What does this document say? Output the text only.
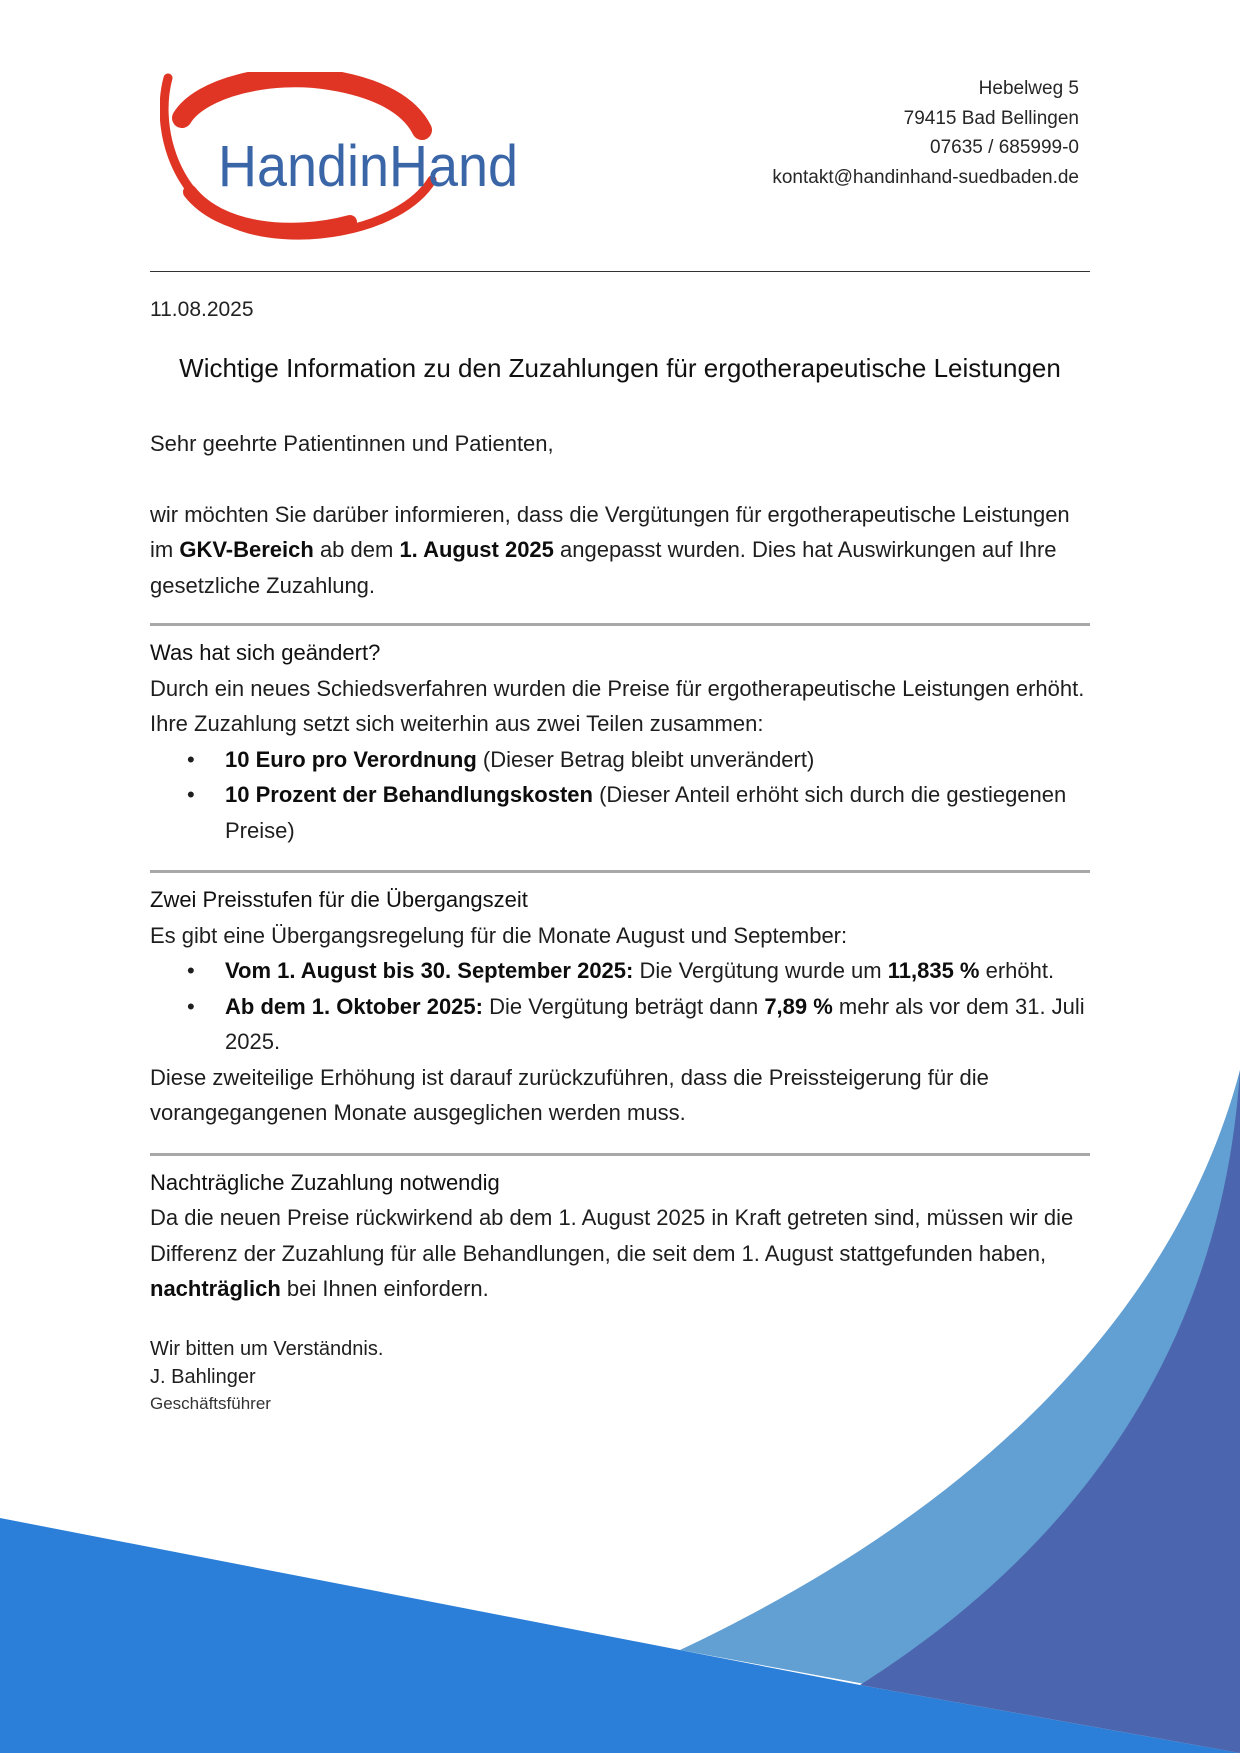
HandinHand
Hebelweg 5
79415 Bad Bellingen
07635 / 685999-0
kontakt@handinhand-suedbaden.de
11.08.2025
Wichtige Information zu den Zuzahlungen für ergotherapeutische Leistungen

Sehr geehrte Patientinnen und Patienten,

wir möchten Sie darüber informieren, dass die Vergütungen für ergotherapeutische Leistungen im GKV-Bereich ab dem 1. August 2025 angepasst wurden. Dies hat Auswirkungen auf Ihre gesetzliche Zuzahlung.

Was hat sich geändert?

Durch ein neues Schiedsverfahren wurden die Preise für ergotherapeutische Leistungen erhöht. Ihre Zuzahlung setzt sich weiterhin aus zwei Teilen zusammen:

• 10 Euro pro Verordnung (Dieser Betrag bleibt unverändert)
• 10 Prozent der Behandlungskosten (Dieser Anteil erhöht sich durch die gestiegenen Preise)

Zwei Preisstufen für die Übergangszeit

Es gibt eine Übergangsregelung für die Monate August und September:

• Vom 1. August bis 30. September 2025: Die Vergütung wurde um 11,835 % erhöht.
• Ab dem 1. Oktober 2025: Die Vergütung beträgt dann 7,89 % mehr als vor dem 31. Juli 2025.

Diese zweiteilige Erhöhung ist darauf zurückzuführen, dass die Preissteigerung für die vorangegangenen Monate ausgeglichen werden muss.

Nachträgliche Zuzahlung notwendig

Da die neuen Preise rückwirkend ab dem 1. August 2025 in Kraft getreten sind, müssen wir die Differenz der Zuzahlung für alle Behandlungen, die seit dem 1. August stattgefunden haben, nachträglich bei Ihnen einfordern.

Wir bitten um Verständnis.

J. Bahlinger

Geschäftsführer
